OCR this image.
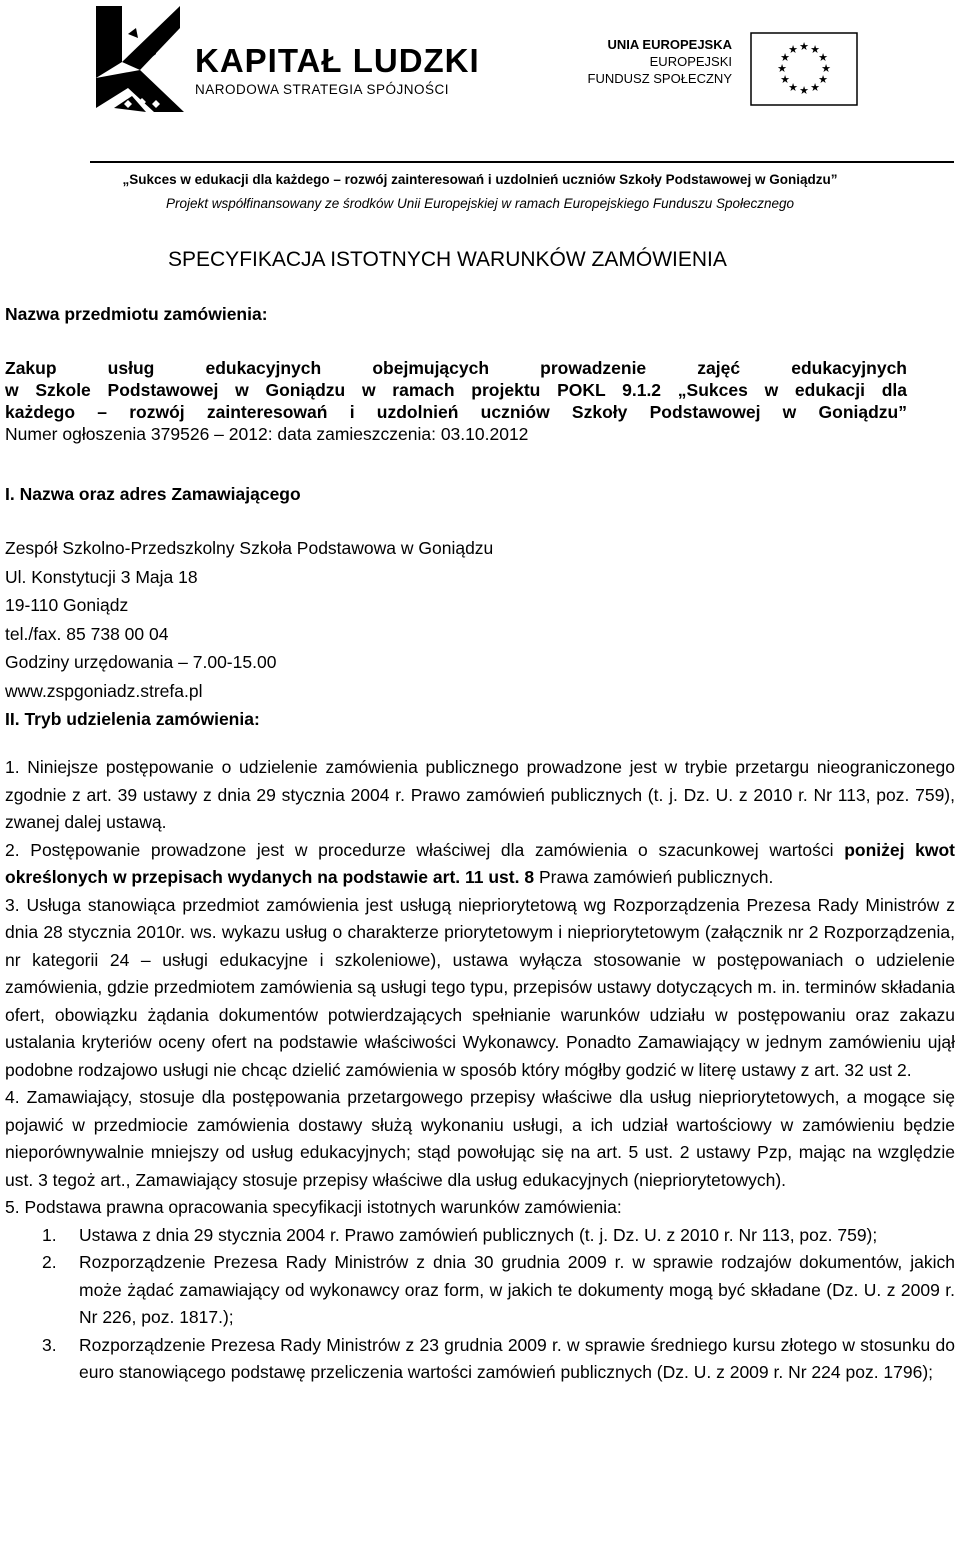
KAPITAŁ LUDZKI
NARODOWA STRATEGIA SPÓJNOŚCI
UNIA EUROPEJSKA
EUROPEJSKI
FUNDUSZ SPOŁECZNY
★ ★
★
★
★
★
★
★
★
★
★
★
„Sukces w edukacji dla każdego – rozwój zainteresowań i uzdolnień uczniów Szkoły Podstawowej w Goniądzu”
Projekt współfinansowany ze środków Unii Europejskiej w ramach Europejskiego Funduszu Społecznego
SPECYFIKACJA ISTOTNYCH WARUNKÓW ZAMÓWIENIA
Nazwa przedmiotu zamówienia:
Zakup usług edukacyjnych obejmujących prowadzenie zajęć edukacyjnych
w Szkole Podstawowej w Goniądzu w ramach projektu POKL 9.1.2 „Sukces w edukacji dla
każdego – rozwój zainteresowań i uzdolnień uczniów Szkoły Podstawowej w Goniądzu”
Numer ogłoszenia 379526 – 2012: data zamieszczenia: 03.10.2012
I. Nazwa oraz adres Zamawiającego
Zespół Szkolno-Przedszkolny Szkoła Podstawowa w Goniądzu
Ul. Konstytucji 3 Maja 18
19-110 Goniądz
tel./fax. 85 738 00 04
Godziny urzędowania – 7.00-15.00
www.zspgoniadz.strefa.pl
II. Tryb udzielenia zamówienia:

1. Niniejsze postępowanie o udzielenie zamówienia publicznego prowadzone jest w trybie przetargu nieograniczonego zgodnie z art. 39 ustawy z dnia 29 stycznia 2004 r. Prawo zamówień publicznych (t. j. Dz. U. z 2010 r. Nr 113, poz. 759), zwanej dalej ustawą.

2. Postępowanie prowadzone jest w procedurze właściwej dla zamówienia o szacunkowej wartości poniżej kwot określonych w przepisach wydanych na podstawie art. 11 ust. 8 Prawa zamówień publicznych.

3. Usługa stanowiąca przedmiot zamówienia jest usługą niepriorytetową wg Rozporządzenia Prezesa Rady Ministrów z dnia 28 stycznia 2010r. ws. wykazu usług o charakterze priorytetowym i niepriorytetowym (załącznik nr 2 Rozporządzenia, nr kategorii 24 – usługi edukacyjne i szkoleniowe), ustawa wyłącza stosowanie w postępowaniach o udzielenie zamówienia, gdzie przedmiotem zamówienia są usługi tego typu, przepisów ustawy dotyczących m. in. terminów składania ofert, obowiązku żądania dokumentów potwierdzających spełnianie warunków udziału w postępowaniu oraz zakazu ustalania kryteriów oceny ofert na podstawie właściwości Wykonawcy. Ponadto Zamawiający w jednym zamówieniu ujął podobne rodzajowo usługi nie chcąc dzielić zamówienia w sposób który mógłby godzić w literę ustawy z art. 32 ust 2.

4. Zamawiający, stosuje dla postępowania przetargowego przepisy właściwe dla usług niepriorytetowych, a mogące się pojawić w przedmiocie zamówienia dostawy służą wykonaniu usługi, a ich udział wartościowy w zamówieniu będzie nieporównywalnie mniejszy od usług edukacyjnych; stąd powołując się na art. 5 ust. 2 ustawy Pzp, mając na względzie ust. 3 tegoż art., Zamawiający stosuje przepisy właściwe dla usług edukacyjnych (niepriorytetowych).

5. Podstawa prawna opracowania specyfikacji istotnych warunków zamówienia:

1. Ustawa z dnia 29 stycznia 2004 r. Prawo zamówień publicznych (t. j. Dz. U. z 2010 r. Nr 113, poz. 759);
2. Rozporządzenie Prezesa Rady Ministrów z dnia 30 grudnia 2009 r. w sprawie rodzajów dokumentów, jakich może żądać zamawiający od wykonawcy oraz form, w jakich te dokumenty mogą być składane (Dz. U. z 2009 r. Nr 226, poz. 1817.);
3. Rozporządzenie Prezesa Rady Ministrów z 23 grudnia 2009 r. w sprawie średniego kursu złotego w stosunku do euro stanowiącego podstawę przeliczenia wartości zamówień publicznych (Dz. U. z 2009 r. Nr 224 poz. 1796);
